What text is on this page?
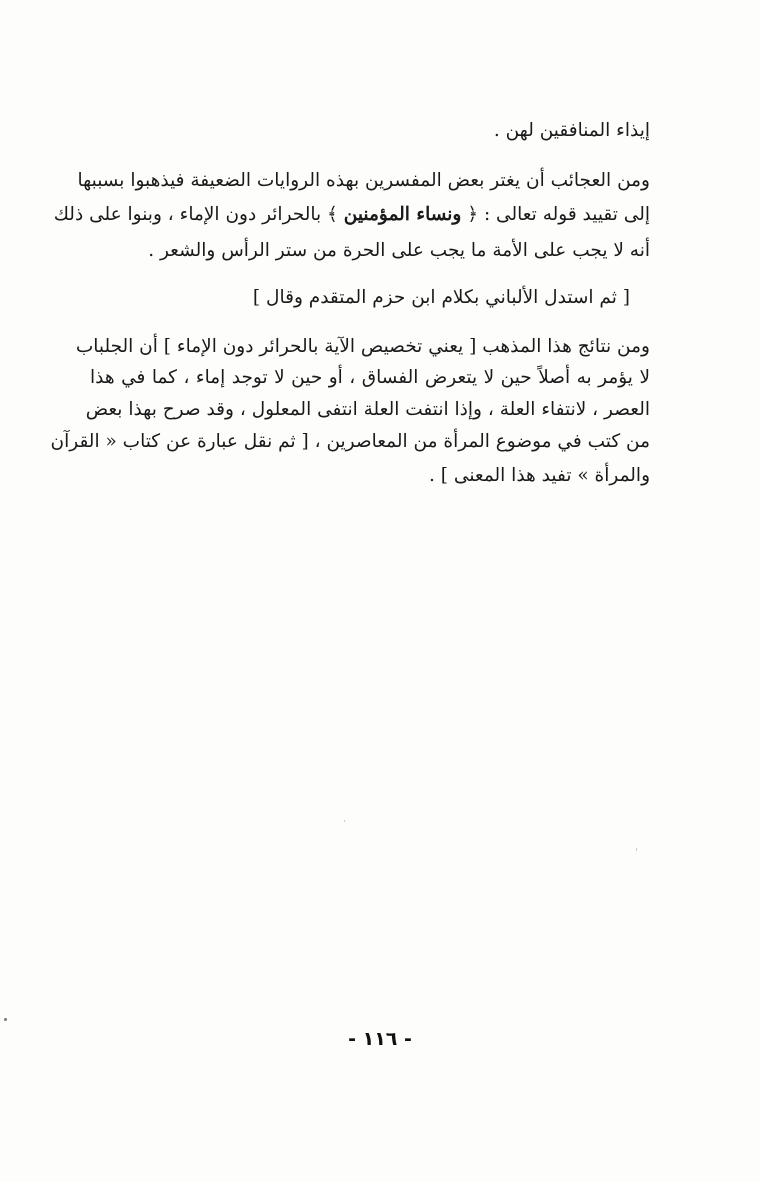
إيذاء المنافقين لهن .
ومن العجائب أن يغتر بعض المفسرين بهذه الروايات الضعيفة فيذهبوا بسببها
إلى تقييد قوله تعالى : ﴿ ونساء المؤمنين ﴾ بالحرائر دون الإماء ، وبنوا على ذلك
أنه لا يجب على الأمة ما يجب على الحرة من ستر الرأس والشعر .
[ ثم استدل الألباني بكلام ابن حزم المتقدم وقال ]
ومن نتائج هذا المذهب [ يعني تخصيص الآية بالحرائر دون الإماء ] أن الجلباب
لا يؤمر به أصلاً حين لا يتعرض الفساق ، أو حين لا توجد إماء ، كما في هذا
العصر ، لانتفاء العلة ، وإذا انتفت العلة انتفى المعلول ، وقد صرح بهذا بعض
من كتب في موضوع المرأة من المعاصرين ، [ ثم نقل عبارة عن كتاب « القرآن
والمرأة » تفيد هذا المعنى ] .
- ١١٦ -
